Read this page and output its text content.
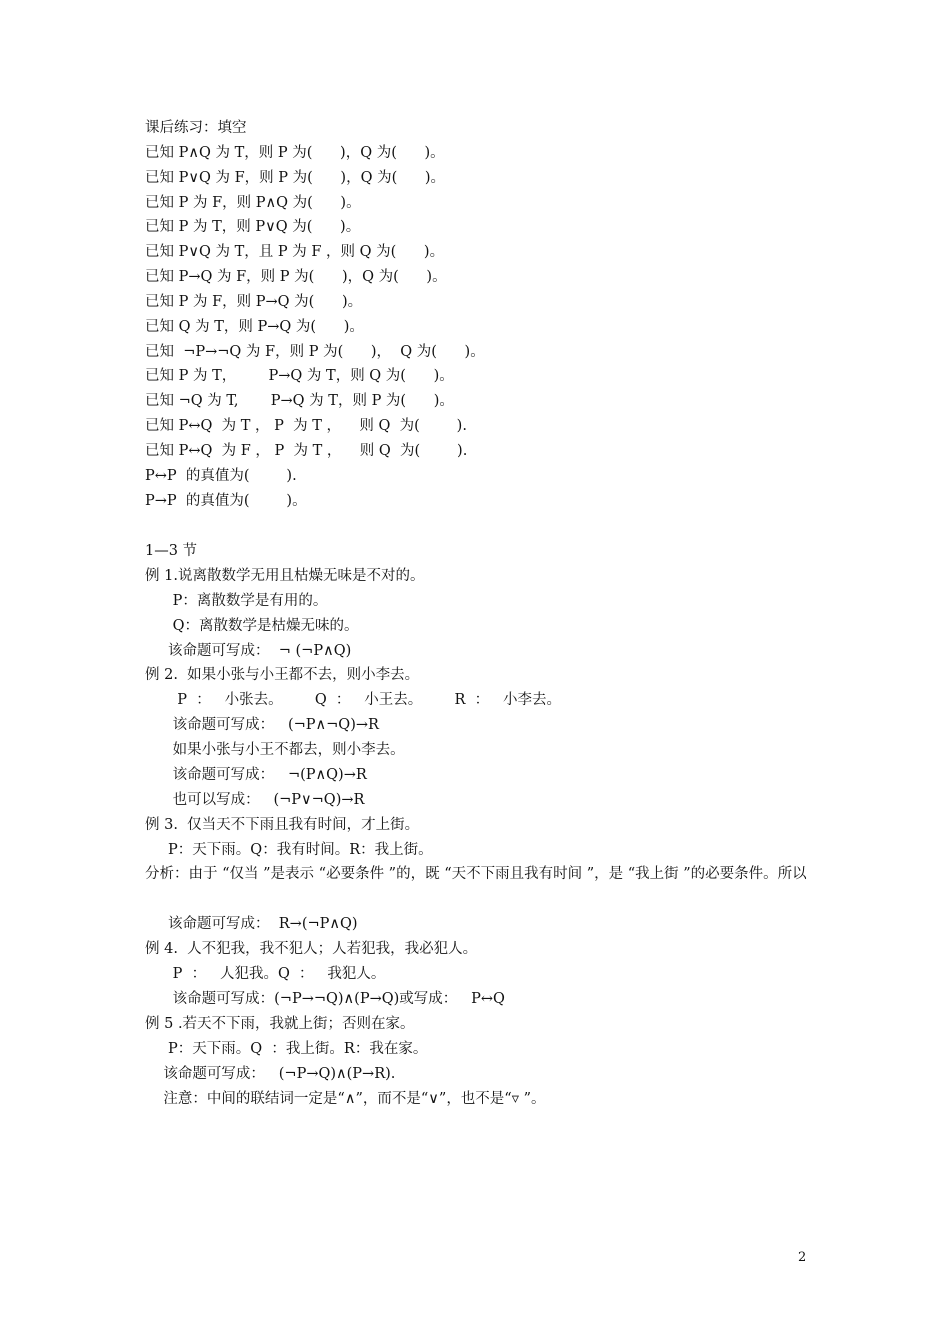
课后练习：填空
已知 P∧Q 为 T，则 P 为(      )，Q 为(      )。
已知 P∨Q 为 F，则 P 为(      )，Q 为(      )。
已知 P 为 F，则 P∧Q 为(      )。
已知 P 为 T，则 P∨Q 为(      )。
已知 P∨Q 为 T，且 P 为 F ，则 Q 为(      )。
已知 P→Q 为 F，则 P 为(      )，Q 为(      )。
已知 P 为 F，则 P→Q 为(      )。
已知 Q 为 T，则 P→Q 为(      )。
已知  ¬P→¬Q 为 F，则 P 为(      )，  Q 为(      )。
已知 P 为 T，       P→Q 为 T，则 Q 为(      )。
已知 ¬Q 为 T,       P→Q 为 T，则 P 为(      )。
已知 P↔Q  为 T ， P  为 T ，    则 Q  为(        ).
已知 P↔Q  为 F ， P  为 T ，    则 Q  为(        ).
P↔P  的真值为(        ).
P→P  的真值为(        )。
1—3 节
例 1.说离散数学无用且枯燥无味是不对的。
P：离散数学是有用的。
Q：离散数学是枯燥无味的。
该命题可写成：  ¬ (¬P∧Q)
例 2.  如果小张与小王都不去，则小李去。
P  ：   小张去。       Q  ：   小王去。       R  ：   小李去。
该命题可写成：   (¬P∧¬Q)→R
如果小张与小王不都去，则小李去。
该命题可写成：   ¬(P∧Q)→R
也可以写成：   (¬P∨¬Q)→R
例 3.  仅当天不下雨且我有时间，才上街。
P：天下雨。Q：我有时间。R：我上街。
分析：由于 “仅当 ”是表示 “必要条件 ”的，既 “天不下雨且我有时间 ”，是 “我上街 ”的必要条件。所以
该命题可写成：  R→(¬P∧Q)
例 4.  人不犯我，我不犯人；人若犯我，我必犯人。
P  ：   人犯我。Q  ：   我犯人。
该命题可写成：(¬P→¬Q)∧(P→Q)或写成：   P↔Q
例 5 .若天不下雨，我就上街；否则在家。
P：天下雨。Q  ：我上街。R：我在家。
该命题可写成：   (¬P→Q)∧(P→R).
注意：中间的联结词一定是“∧”，而不是“∨”，也不是“▿ ”。
2
